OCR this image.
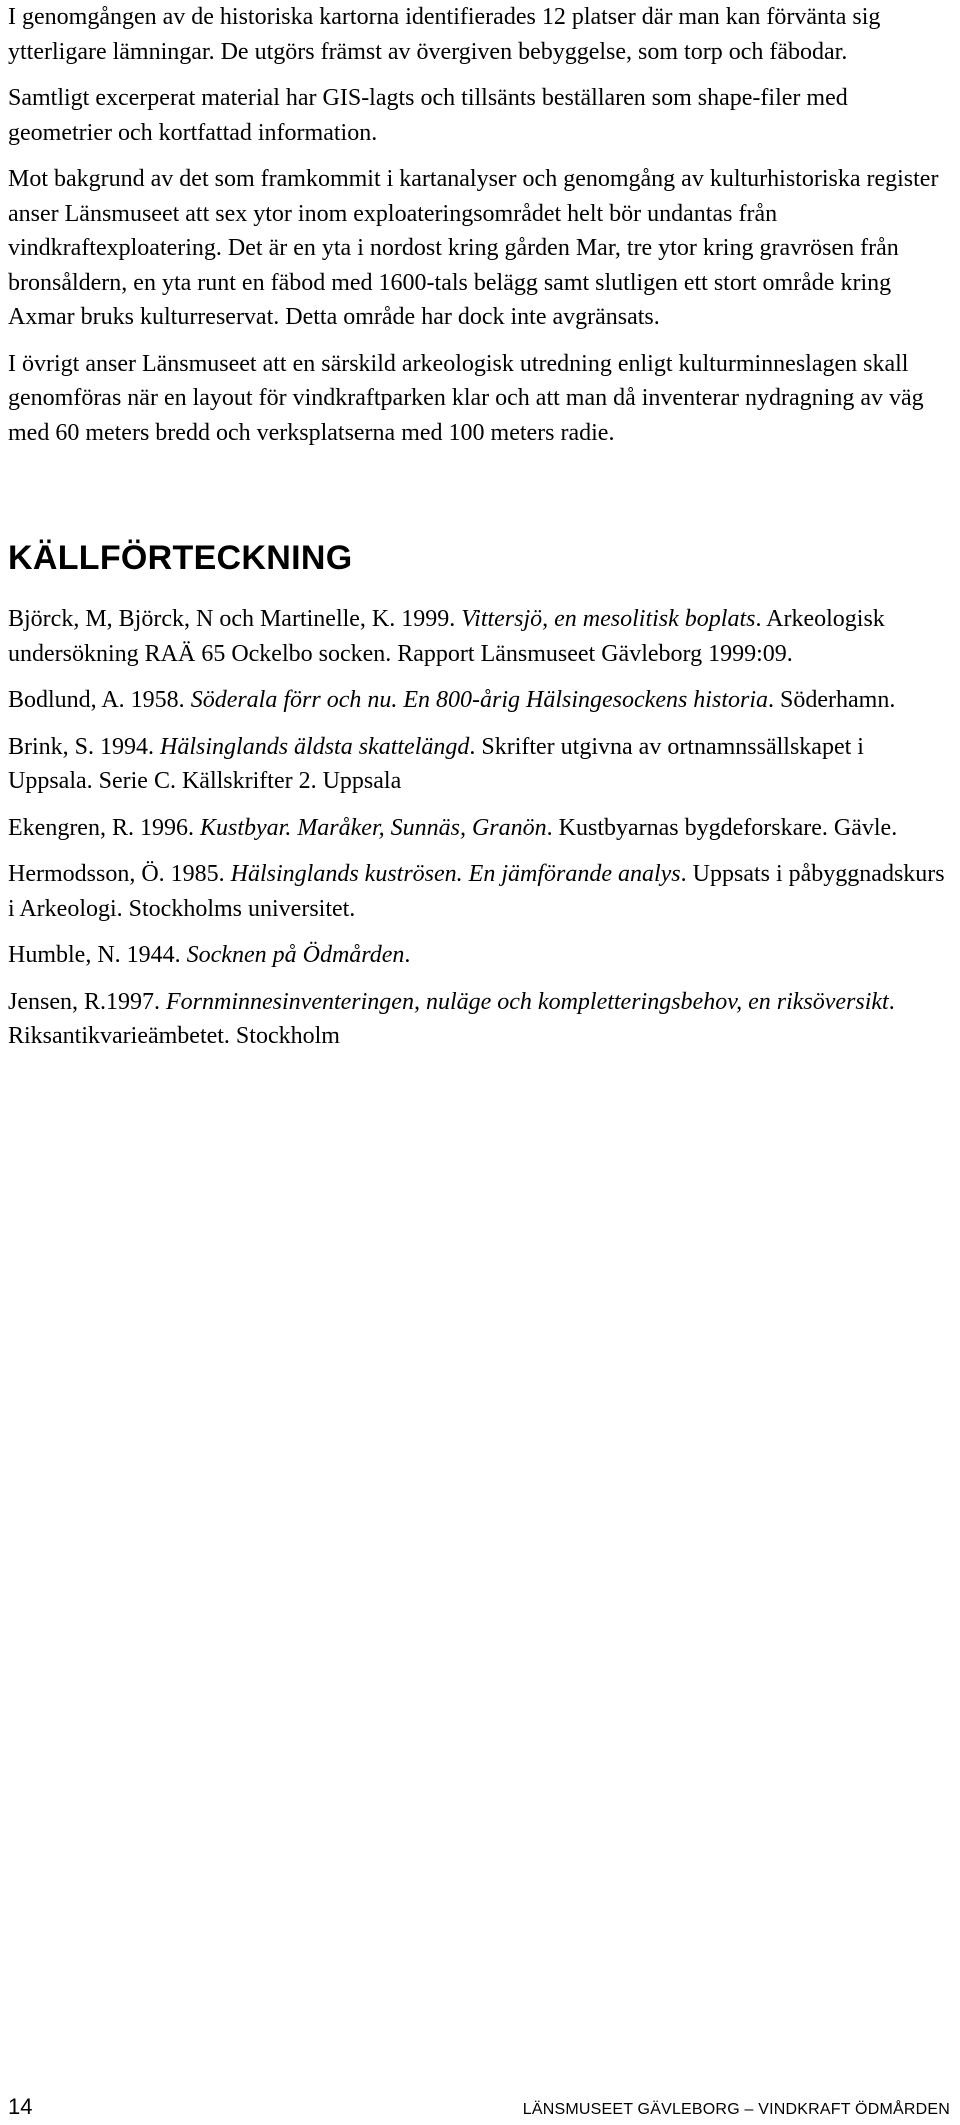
I genomgången av de historiska kartorna identifierades 12 platser där man kan förvänta sig ytterligare lämningar. De utgörs främst av övergiven bebyggelse, som torp och fäbodar.

Samtligt excerperat material har GIS-lagts och tillsänts beställaren som shape-filer med geometrier och kortfattad information.

Mot bakgrund av det som framkommit i kartanalyser och genomgång av kulturhistoriska register anser Länsmuseet att sex ytor inom exploateringsområdet helt bör undantas från vindkraftexploatering. Det är en yta i nordost kring gården Mar, tre ytor kring gravrösen från bronsåldern, en yta runt en fäbod med 1600-tals belägg samt slutligen ett stort område kring Axmar bruks kulturreservat. Detta område har dock inte avgränsats.

I övrigt anser Länsmuseet att en särskild arkeologisk utredning enligt kulturminneslagen skall genomföras när en layout för vindkraftparken klar och att man då inventerar nydragning av väg med 60 meters bredd och verksplatserna med 100 meters radie.

KÄLLFÖRTECKNING

Björck, M, Björck, N och Martinelle, K. 1999. Vittersjö, en mesolitisk boplats. Arkeologisk undersökning RAÄ 65 Ockelbo socken. Rapport Länsmuseet Gävleborg 1999:09.

Bodlund, A. 1958. Söderala förr och nu. En 800-årig Hälsingesockens historia. Söderhamn.

Brink, S. 1994. Hälsinglands äldsta skattelängd. Skrifter utgivna av ortnamnssällskapet i Uppsala. Serie C. Källskrifter 2. Uppsala

Ekengren, R. 1996. Kustbyar. Maråker, Sunnäs, Granön. Kustbyarnas bygdeforskare. Gävle.

Hermodsson, Ö. 1985. Hälsinglands kuströsen. En jämförande analys. Uppsats i påbyggnadskurs i Arkeologi. Stockholms universitet.

Humble, N. 1944. Socknen på Ödmården.

Jensen, R.1997. Fornminnesinventeringen, nuläge och kompletteringsbehov, en riksöversikt. Riksantikvarieämbetet. Stockholm

14	LÄNSMUSEET GÄVLEBORG – VINDKRAFT ÖDMÅRDEN
